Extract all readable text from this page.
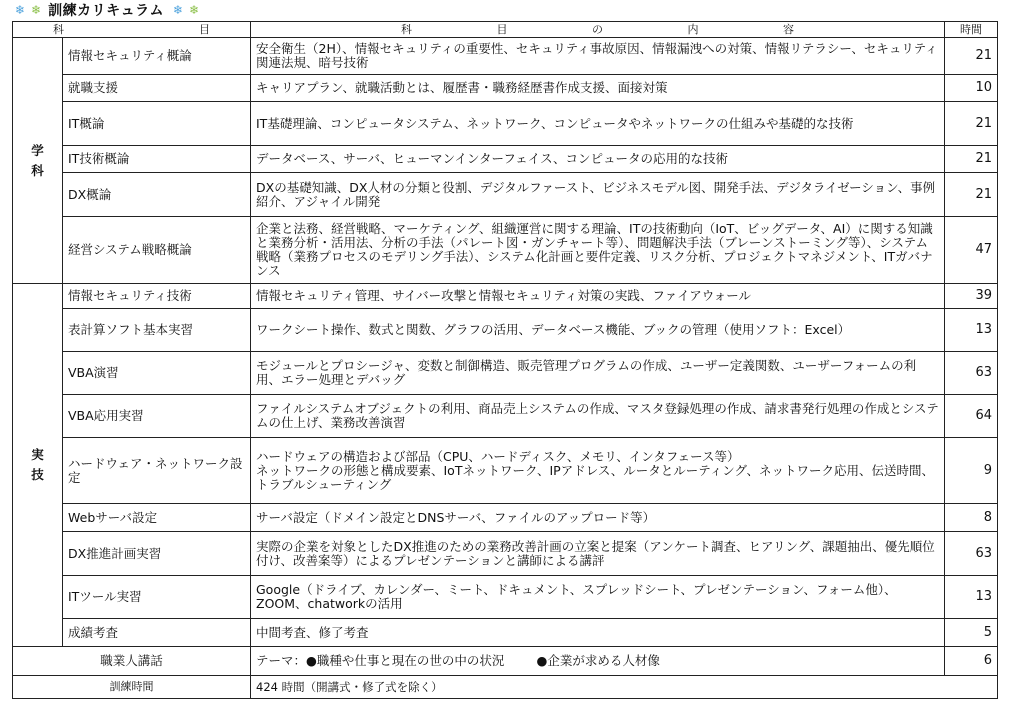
❄ ❄ 訓練カリキュラム ❄ ❄
科 目		科 目 の 内 容	時間
学
科	情報セキュリティ概論	安全衛生（2H）、情報セキュリティの重要性、セキュリティ事故原因、情報漏洩への対策、情報リテラシー、セキュリティ関連法規、暗号技術	21
	就職支援	キャリアプラン、就職活動とは、履歴書・職務経歴書作成支援、面接対策	10
	IT概論	IT基礎理論、コンピュータシステム、ネットワーク、コンピュータやネットワークの仕組みや基礎的な技術	21
	IT技術概論	データベース、サーバ、ヒューマンインターフェイス、コンピュータの応用的な技術	21
	DX概論	DXの基礎知識、DX人材の分類と役割、デジタルファースト、ビジネスモデル図、開発手法、デジタライゼーション、事例紹介、アジャイル開発	21
	経営システム戦略概論	企業と法務、経営戦略、マーケティング、組織運営に関する理論、ITの技術動向（IoT、ビッグデータ、AI）に関する知識と業務分析・活用法、分析の手法（パレート図・ガンチャート等）、問題解決手法（ブレーンストーミング等）、システム戦略（業務プロセスのモデリング手法）、システム化計画と要件定義、リスク分析、プロジェクトマネジメント、ITガバナンス	47
実
技	情報セキュリティ技術	情報セキュリティ管理、サイバー攻撃と情報セキュリティ対策の実践、ファイアウォール	39
	表計算ソフト基本実習	ワークシート操作、数式と関数、グラフの活用、データベース機能、ブックの管理（使用ソフト：Excel）	13
	VBA演習	モジュールとプロシージャ、変数と制御構造、販売管理プログラムの作成、ユーザー定義関数、ユーザーフォームの利用、エラー処理とデバッグ	63
	VBA応用実習	ファイルシステムオブジェクトの利用、商品売上システムの作成、マスタ登録処理の作成、請求書発行処理の作成とシステムの仕上げ、業務改善演習	64
	ハードウェア・ネットワーク設定	ハードウェアの構造および部品（CPU、ハードディスク、メモリ、インタフェース等）
ネットワークの形態と構成要素、IoTネットワーク、IPアドレス、ルータとルーティング、ネットワーク応用、伝送時間、トラブルシューティング	9
	Webサーバ設定	サーバ設定（ドメイン設定とDNSサーバ、ファイルのアップロード等）	8
	DX推進計画実習	実際の企業を対象としたDX推進のための業務改善計画の立案と提案（アンケート調査、ヒアリング、課題抽出、優先順位付け、改善案等）によるプレゼンテーションと講師による講評	63
	ITツール実習	Google（ドライブ、カレンダー、ミート、ドキュメント、スプレッドシート、プレゼンテーション、フォーム他）、ZOOM、chatworkの活用	13
	成績考査	中間考査、修了考査	5
職業人講話		テーマ：●職種や仕事と現在の世の中の状況 ●企業が求める人材像	6
訓練時間		424 時間（開講式・修了式を除く）	
